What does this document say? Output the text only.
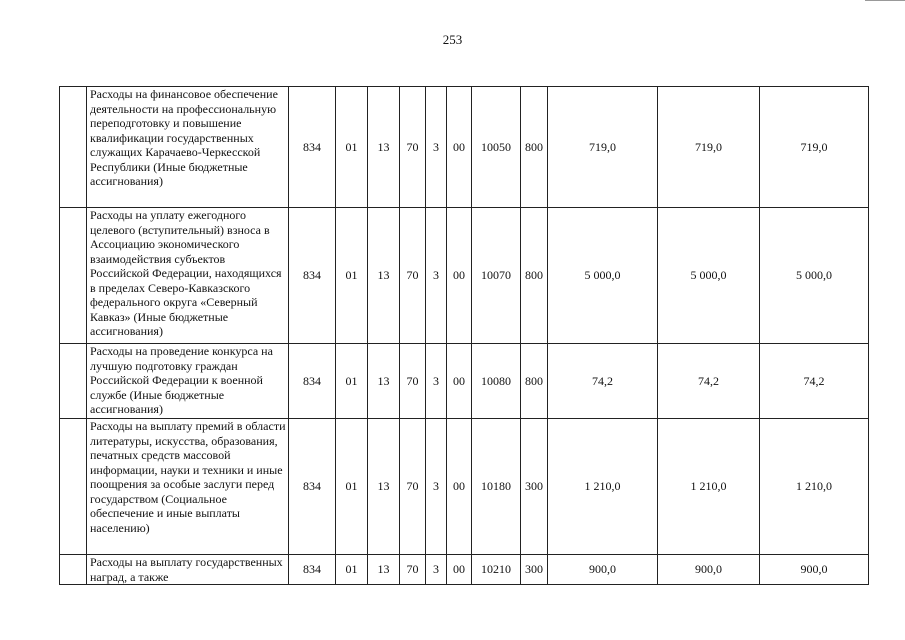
253
	Расходы на финансовое обеспечение деятельности на профессиональную переподготовку и повышение квалификации государственных служащих Карачаево-Черкесской Республики (Иные бюджетные ассигнования)	834	01	13	70	3	00	10050	800	719,0	719,0	719,0
	Расходы на уплату ежегодного целевого (вступительный) взноса в Ассоциацию экономического взаимодействия субъектов Российской Федерации, находящихся в пределах Северо-Кавказского федерального округа «Северный Кавказ» (Иные бюджетные ассигнования)	834	01	13	70	3	00	10070	800	5 000,0	5 000,0	5 000,0
	Расходы на проведение конкурса на лучшую подготовку граждан Российской Федерации к военной службе (Иные бюджетные ассигнования)	834	01	13	70	3	00	10080	800	74,2	74,2	74,2
	Расходы на выплату премий в области литературы, искусства, образования, печатных средств массовой информации, науки и техники и иные поощрения за особые заслуги перед государством (Социальное обеспечение и иные выплаты населению)	834	01	13	70	3	00	10180	300	1 210,0	1 210,0	1 210,0
	Расходы на выплату государственных наград, а также	834	01	13	70	3	00	10210	300	900,0	900,0	900,0
